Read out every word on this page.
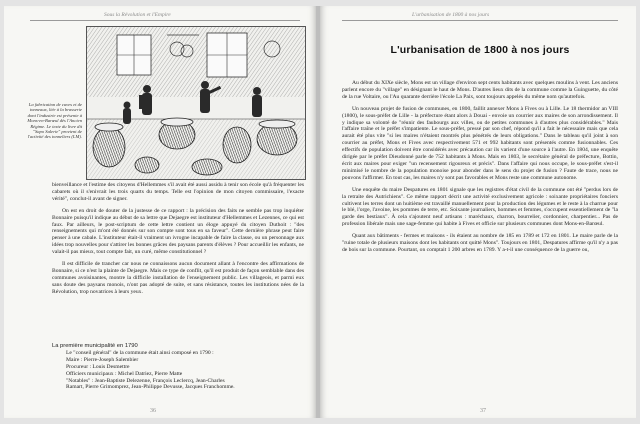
Sous la Révolution et l'Empire
La fabrication de cuves et de tonneaux, liée à la brasserie dont l'industrie est présente à Mons-en-Barœul dès l'Ancien Régime. Le texte du livre dit "Sapo Salerie" provient de l'activité des tonneliers (LM).

bienveillance et l'estime des citoyens d'Hellemmes s'il avait été aussi assidu à tenir son école qu'à fréquenter les cabarets où il s'enivrait les trois quarts du temps. Telle est l'opinion de mon citoyen commissaire, l'exacte vérité", conclut-il avant de signer.

On est en droit de douter de la justesse de ce rapport : la précision des faits ne semble pas trop inquiéter Bonnaire puisqu'il indique au début de sa lettre que Dejaegre est instituteur d'Hellemmes et Lezennes, ce qui est faux. Par ailleurs, le post-scriptum de cette lettre contient un éloge appuyé du citoyen Duthoit : "des renseignements qui m'ont été donnés sur son compte sont tous en sa faveur". Cette dernière phrase peut faire penser à une cabale. L'instituteur était-il vraiment un ivrogne incapable de faire la classe, ou un personnage aux idées trop nouvelles pour s'attirer les bonnes grâces des paysans parents d'élèves ? Pour accueillir les enfants, ne valait-il pas mieux, tout compte fait, un curé, même constitutionnel ?

Il est difficile de trancher car nous ne connaissons aucun document allant à l'encontre des affirmations de Bonnaire, si ce n'est la plainte de Dejaegre. Mais ce type de conflit, qu'il est produit de façon semblable dans des communes avoisinantes, montre la difficile installation de l'enseignement public. Les villageois, et parmi eux sans doute des paysans monois, n'ont pas adopté de suite, et sans résistance, toutes les institutions nées de la Révolution, trop novatrices à leurs yeux.

La première municipalité en 1790
Le "conseil général" de la commune était ainsi composé en 1790 :
Maire : Pierre-Joseph Salembier
Procureur : Louis Desmettre
Officiers municipaux : Michel Datriez, Pierre Matte
"Notables" : Jean-Baptiste Delezenne, François Leclercq, Jean-Charles
Ramart, Pierre Grimomprez, Jean-Philippe Devusse, Jacques Franchomme.
36
L'urbanisation de 1800 à nos jours
L'urbanisation de 1800 à nos jours

Au début du XIXe siècle, Mons est un village d'environ sept cents habitants avec quelques moulins à vent. Les anciens parlent encore du "village" en désignant le haut de Mons. D'autres lieux dits de la commune comme la Guinguette, du côté de la rue Voltaire, ou l'Au quarante derrière l'école La Paix, sont toujours appelés du même nom qu'autrefois.

Un nouveau projet de fusion de communes, en 1800, faillit annexer Mons à Fives ou à Lille. Le 18 thermidor an VIII (1800), le sous-préfet de Lille - la préfecture étant alors à Douai - envoie un courrier aux maires de son arrondissement. Il y indique sa volonté de "réunir des faubourgs aux villes, ou de petites communes à d'autres plus considérables." Mais l'affaire traîne et le préfet s'impatiente. Le sous-préfet, pressé par son chef, répond qu'il a fait le nécessaire mais que cela aurait été plus vite "si les maires n'étaient montrés plus pénétrés de leurs obligations." Dans le tableau qu'il joint à son courrier au préfet, Mons et Fives avec respectivement 571 et 992 habitants sont présentés comme fusionnables. Ces effectifs de population doivent être considérés avec précaution car ils varient d'une source à l'autre. En 1804, une enquête dirigée par le préfet Dieudonné parle de 752 habitants à Mons. Mais en 1803, le secrétaire général de préfecture, Bottin, écrit aux maires pour exiger "un recensement rigoureux et précis". Dans l'affaire qui nous occupe, le sous-préfet s'est-il minimisé le nombre de la population monoise pour abonder dans le sens du projet de fusion ? Faute de trace, nous ne pouvons l'affirmer. En tout cas, les maires n'y sont pas favorables et Mons reste une commune autonome.

Une enquête du maire Despatures en 1801 signale que les registres d'état civil de la commune ont été "perdus lors de la retraite des Autrichiens". Ce même rapport décrit une activité exclusivement agricole : soixante propriétaires fonciers cultivent les terres dont un huitième est travaillé manuellement pour la production des légumes et le reste à la charrue pour le blé, l'orge, l'avoine, les pommes de terre, etc. Soixante journaliers, hommes et femmes, s'occupent essentiellement de "la garde des bestiaux". À cela s'ajoutent neuf artisans : maréchaux, charron, bourrelier, cordonnier, charpentier... Pas de profession libérale mais une sage-femme qui habite à Fives et officie sur plusieurs communes dont Mons-en-Barœul.

Quant aux bâtiments - fermes et maisons - ils étaient au nombre de 185 en 1789 et 172 en 1801. Le maire parle de la "ruine totale de plusieurs maisons dont les habitants ont quitté Mons". Toujours en 1801, Despatures affirme qu'il n'y a pas de bois sur la commune. Pourtant, on comptait 1 200 arbres en 1789. Y a-t-il une conséquence de la guerre ou,

37
